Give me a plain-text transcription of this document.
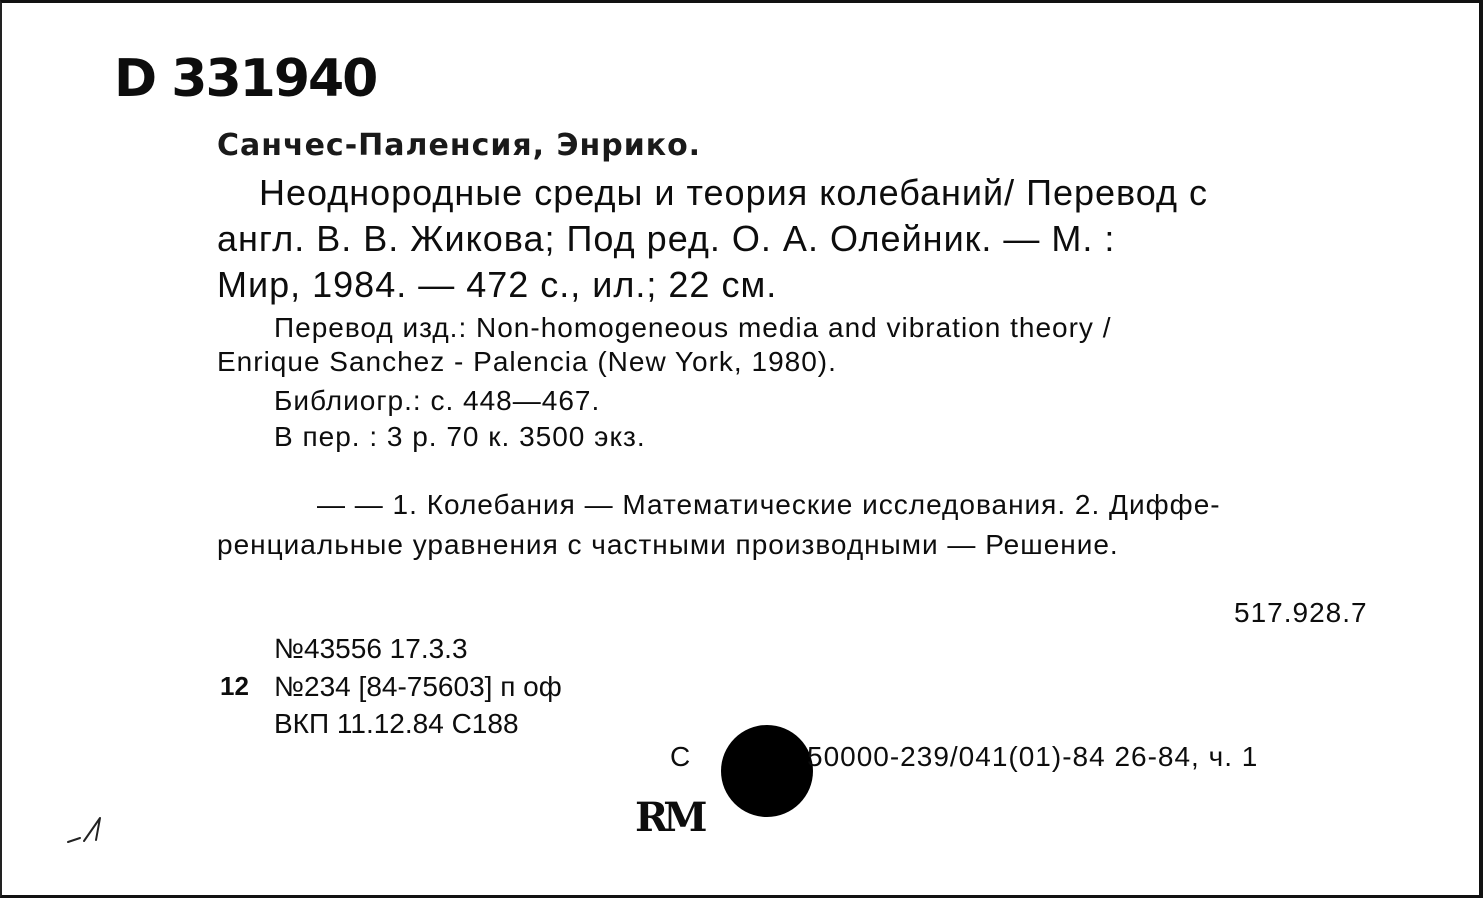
D 331940
Санчес-Паленсия, Энрико.
Неоднородные среды и теория колебаний/ Перевод с
англ. В. В. Жикова; Под ред. О. А. Олейник. — М. :
Мир, 1984. — 472 с., ил.; 22 см.
Перевод изд.: Non-homogeneous media and vibration theory /
Enrique Sanchez - Palencia (New York, 1980).
Библиогр.: с. 448—467.
В пер. : 3 р. 70 к. 3500 экз.
— — 1. Колебания — Математические исследования. 2. Диффе-
ренциальные уравнения с частными производными — Решение.
517.928.7
№43556 17.3.3
12 №234 [84-75603] п оф
ВКП 11.12.84 С188
С	50000-239/041(01)-84 26-84, ч. 1
RM
